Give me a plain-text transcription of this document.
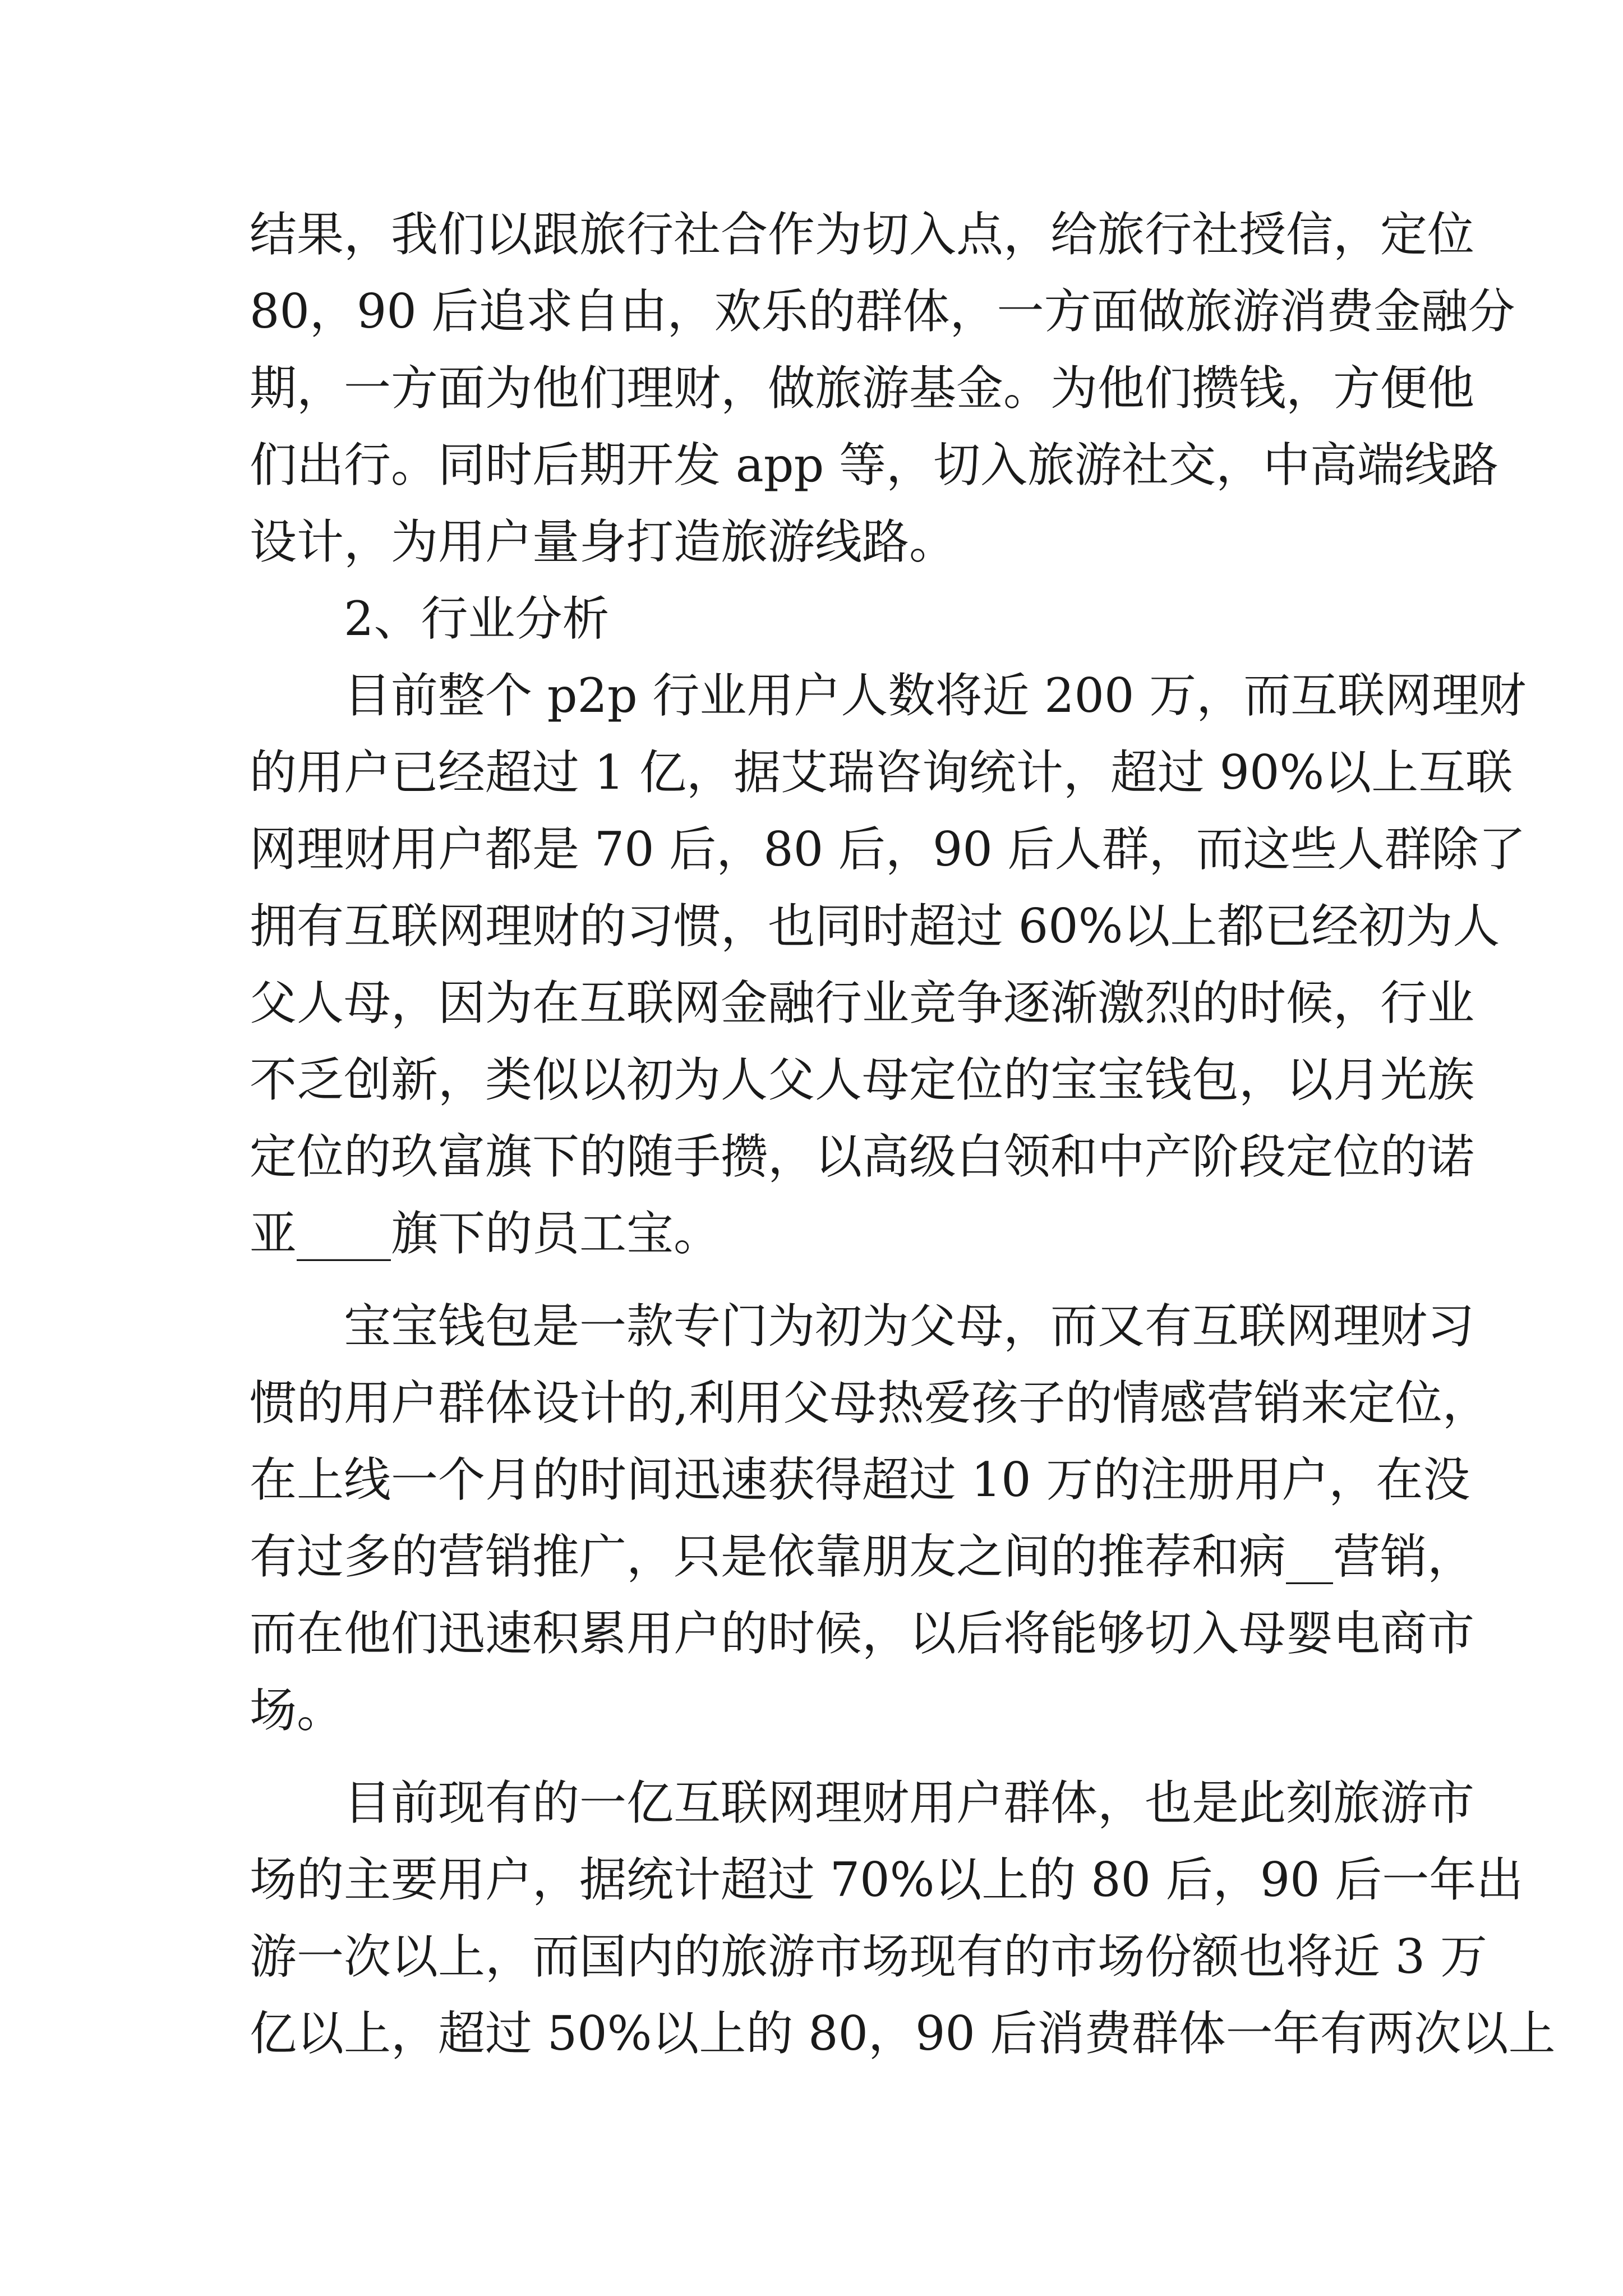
结果，我们以跟旅行社合作为切入点，给旅行社授信，定位
80，90 后追求自由，欢乐的群体，一方面做旅游消费金融分
期，一方面为他们理财，做旅游基金。为他们攒钱，方便他
们出行。同时后期开发 app 等，切入旅游社交，中高端线路
设计，为用户量身打造旅游线路。
2、行业分析
目前整个 p2p 行业用户人数将近 200 万，而互联网理财
的用户已经超过 1 亿，据艾瑞咨询统计，超过 90%以上互联
网理财用户都是 70 后，80 后，90 后人群，而这些人群除了
拥有互联网理财的习惯，也同时超过 60%以上都已经初为人
父人母，因为在互联网金融行业竞争逐渐激烈的时候，行业
不乏创新，类似以初为人父人母定位的宝宝钱包，以月光族
定位的玖富旗下的随手攒，以高级白领和中产阶段定位的诺
亚____旗下的员工宝。
宝宝钱包是一款专门为初为父母，而又有互联网理财习
惯的用户群体设计的,利用父母热爱孩子的情感营销来定位，
在上线一个月的时间迅速获得超过 10 万的注册用户，在没
有过多的营销推广，只是依靠朋友之间的推荐和病__营销，
而在他们迅速积累用户的时候，以后将能够切入母婴电商市
场。
目前现有的一亿互联网理财用户群体，也是此刻旅游市
场的主要用户，据统计超过 70%以上的 80 后，90 后一年出
游一次以上，而国内的旅游市场现有的市场份额也将近 3 万
亿以上，超过 50%以上的 80，90 后消费群体一年有两次以上
